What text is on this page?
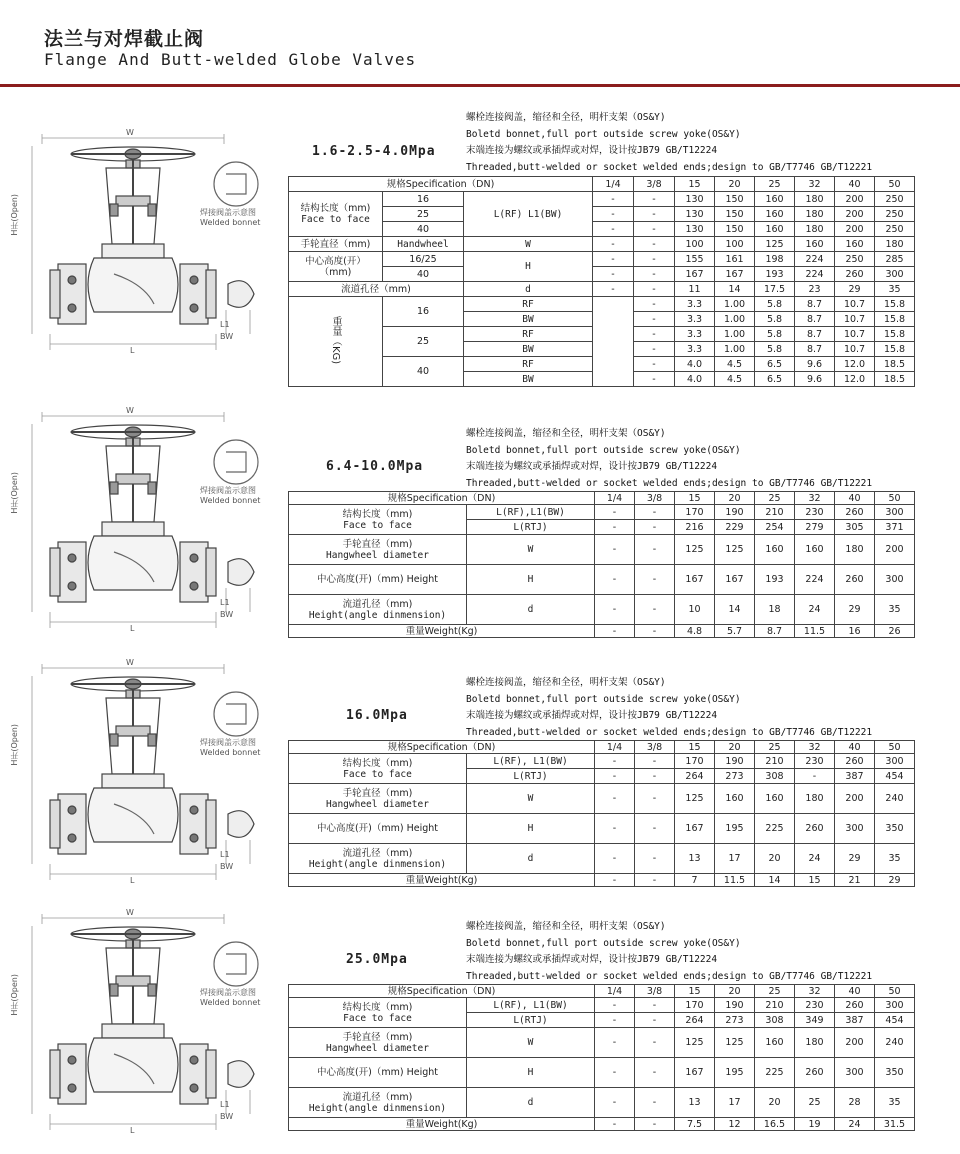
法兰与对焊截止阀
Flange And Butt-welded Globe Valves
W
H开(Open)
L
L1
BW
焊接阀盖示意图
Welded bonnet
螺栓连接阀盖，缩径和全径，明杆支架（OS&Y)
Boletd bonnet,full port outside screw yoke(OS&Y)
末端连接为螺纹或承插焊或对焊，设计按JB79 GB/T12224
Threaded,butt-welded or socket welded ends;design to GB/T7746 GB/T12221
1.6-2.5-4.0Mpa
规格Specification（DN)			1/4	3/8	15	20	25	32	40	50

结构长度（mm)
Face to face	16	L(RF) L1(BW)	-	-	130	150	160	180	200	250
	25		-	-	130	150	160	180	200	250
	40		-	-	130	150	160	180	200	250
手轮直径（mm)	Handwheel	W	-	-	100	100	125	160	160	180

中心高度(开）
（mm)	16/25	H	-	-	155	161	198	224	250	285
	40		-	-	167	167	193	224	260	300
流道孔径（mm)		d	-	-	11	14	17.5	23	29	35
重量（KG)	16	RF		-	3.3	1.00	5.8	8.7	10.7	15.8
		BW		-	3.3	1.00	5.8	8.7	10.7	15.8
	25	RF		-	3.3	1.00	5.8	8.7	10.7	15.8
		BW		-	3.3	1.00	5.8	8.7	10.7	15.8
	40	RF		-	4.0	4.5	6.5	9.6	12.0	18.5
		BW		-	4.0	4.5	6.5	9.6	12.0	18.5
W
H开(Open)
L
L1
BW
焊接阀盖示意图
Welded bonnet
螺栓连接阀盖，缩径和全径，明杆支架（OS&Y)
Boletd bonnet,full port outside screw yoke(OS&Y)
末端连接为螺纹或承插焊或对焊，设计按JB79 GB/T12224
Threaded,butt-welded or socket welded ends;design to GB/T7746 GB/T12221
6.4-10.0Mpa
规格Specification（DN)		1/4	3/8	15	20	25	32	40	50

结构长度（mm)
Face to face	L(RF),L1(BW)	-	-	170	190	210	230	260	300
	L(RTJ)	-	-	216	229	254	279	305	371

手轮直径（mm)
Hangwheel diameter	W	-	-	125	125	160	160	180	200
中心高度(开)（mm) Height	H	-	-	167	167	193	224	260	300

流道孔径（mm)
Height(angle dinmension)	d	-	-	10	14	18	24	29	35
重量Weight(Kg)		-	-	4.8	5.7	8.7	11.5	16	26
W
H开(Open)
L
L1
BW
焊接阀盖示意图
Welded bonnet
螺栓连接阀盖，缩径和全径，明杆支架（OS&Y)
Boletd bonnet,full port outside screw yoke(OS&Y)
末端连接为螺纹或承插焊或对焊，设计按JB79 GB/T12224
Threaded,butt-welded or socket welded ends;design to GB/T7746 GB/T12221
16.0Mpa
规格Specification（DN)		1/4	3/8	15	20	25	32	40	50

结构长度（mm)
Face to face	L(RF), L1(BW)	-	-	170	190	210	230	260	300
	L(RTJ)	-	-	264	273	308	-	387	454

手轮直径（mm)
Hangwheel diameter	W	-	-	125	160	160	180	200	240
中心高度(开)（mm) Height	H	-	-	167	195	225	260	300	350

流道孔径（mm)
Height(angle dinmension)	d	-	-	13	17	20	24	29	35
重量Weight(Kg)		-	-	7	11.5	14	15	21	29
W
H开(Open)
L
L1
BW
焊接阀盖示意图
Welded bonnet
螺栓连接阀盖，缩径和全径，明杆支架（OS&Y)
Boletd bonnet,full port outside screw yoke(OS&Y)
末端连接为螺纹或承插焊或对焊，设计按JB79 GB/T12224
Threaded,butt-welded or socket welded ends;design to GB/T7746 GB/T12221
25.0Mpa
规格Specification（DN)		1/4	3/8	15	20	25	32	40	50

结构长度（mm)
Face to face	L(RF), L1(BW)	-	-	170	190	210	230	260	300
	L(RTJ)	-	-	264	273	308	349	387	454

手轮直径（mm)
Hangwheel diameter	W	-	-	125	125	160	180	200	240
中心高度(开)（mm) Height	H	-	-	167	195	225	260	300	350

流道孔径（mm)
Height(angle dinmension)	d	-	-	13	17	20	25	28	35
重量Weight(Kg)		-	-	7.5	12	16.5	19	24	31.5
